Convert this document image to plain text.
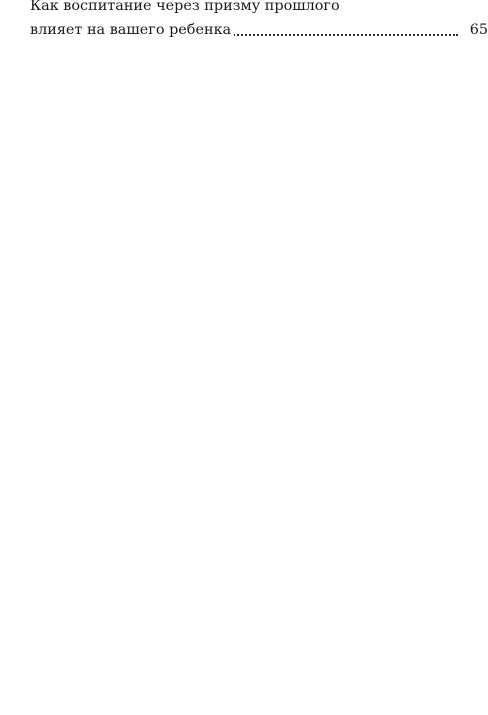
Как воспитание через призму прошлого
влияет на вашего ребенка	65
